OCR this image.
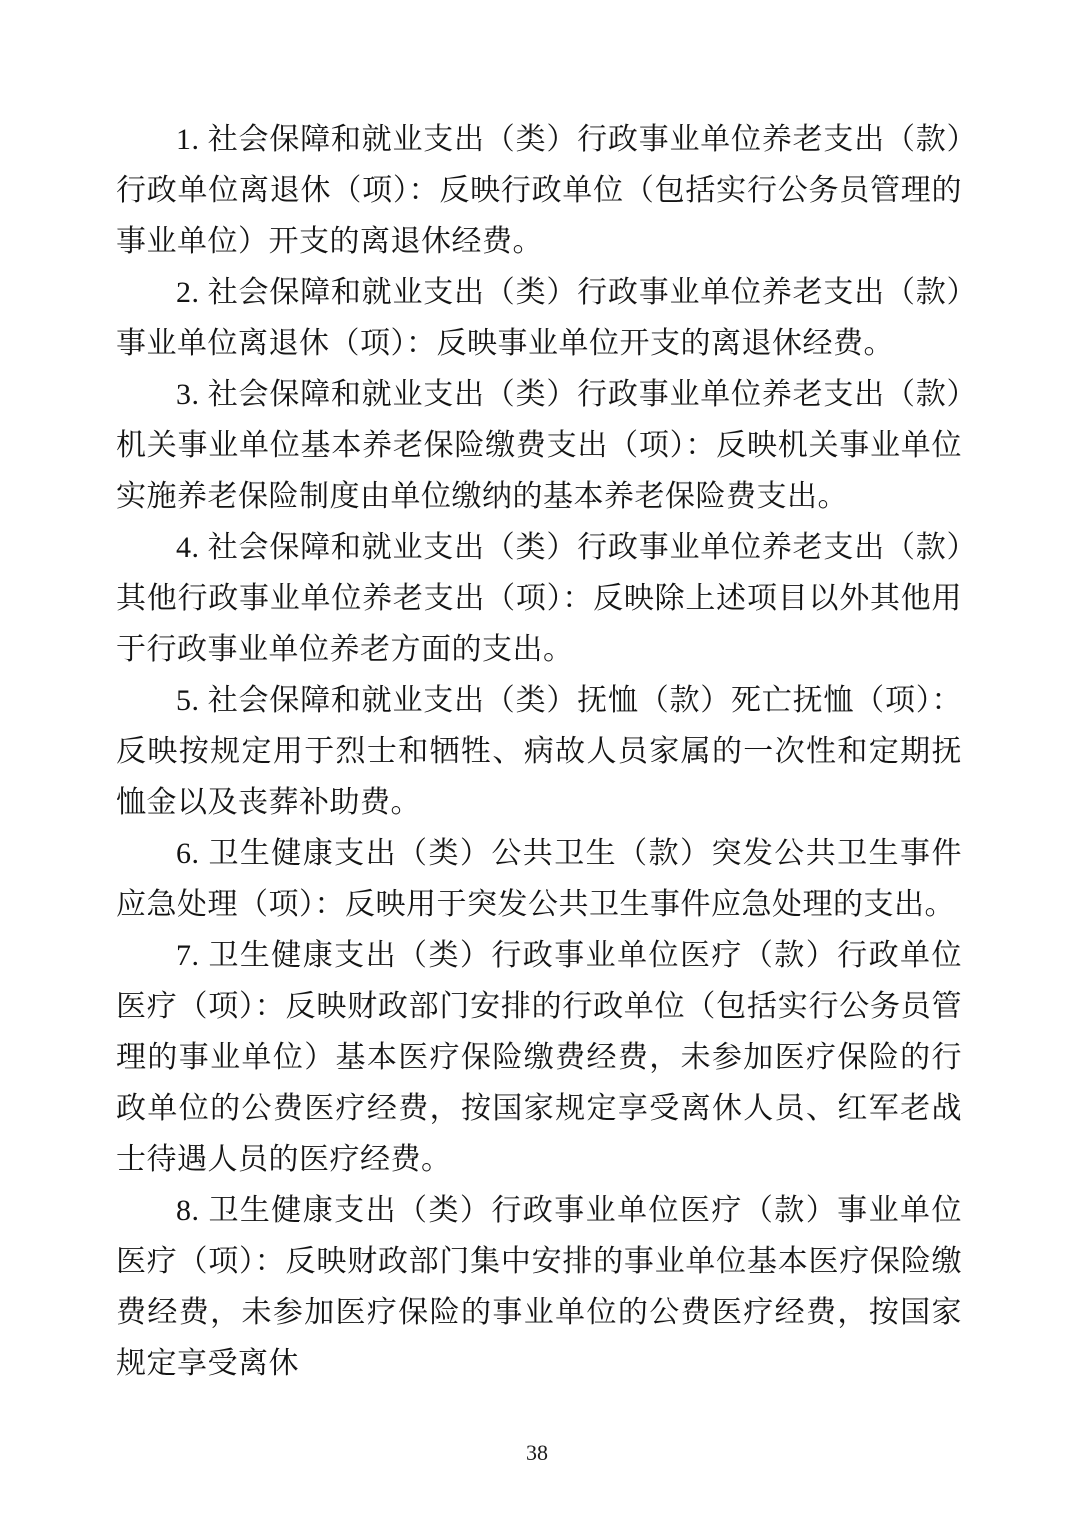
1. 社会保障和就业支出（类）行政事业单位养老支出（款）行政单位离退休（项）：反映行政单位（包括实行公务员管理的事业单位）开支的离退休经费。

2. 社会保障和就业支出（类）行政事业单位养老支出（款）事业单位离退休（项）：反映事业单位开支的离退休经费。

3. 社会保障和就业支出（类）行政事业单位养老支出（款）机关事业单位基本养老保险缴费支出（项）：反映机关事业单位实施养老保险制度由单位缴纳的基本养老保险费支出。

4. 社会保障和就业支出（类）行政事业单位养老支出（款）其他行政事业单位养老支出（项）：反映除上述项目以外其他用于行政事业单位养老方面的支出。

5. 社会保障和就业支出（类）抚恤（款）死亡抚恤（项）：反映按规定用于烈士和牺牲、病故人员家属的一次性和定期抚恤金以及丧葬补助费。

6. 卫生健康支出（类）公共卫生（款）突发公共卫生事件应急处理（项）：反映用于突发公共卫生事件应急处理的支出。

7. 卫生健康支出（类）行政事业单位医疗（款）行政单位医疗（项）：反映财政部门安排的行政单位（包括实行公务员管理的事业单位）基本医疗保险缴费经费，未参加医疗保险的行政单位的公费医疗经费，按国家规定享受离休人员、红军老战士待遇人员的医疗经费。

8. 卫生健康支出（类）行政事业单位医疗（款）事业单位医疗（项）：反映财政部门集中安排的事业单位基本医疗保险缴费经费，未参加医疗保险的事业单位的公费医疗经费，按国家规定享受离休

38
